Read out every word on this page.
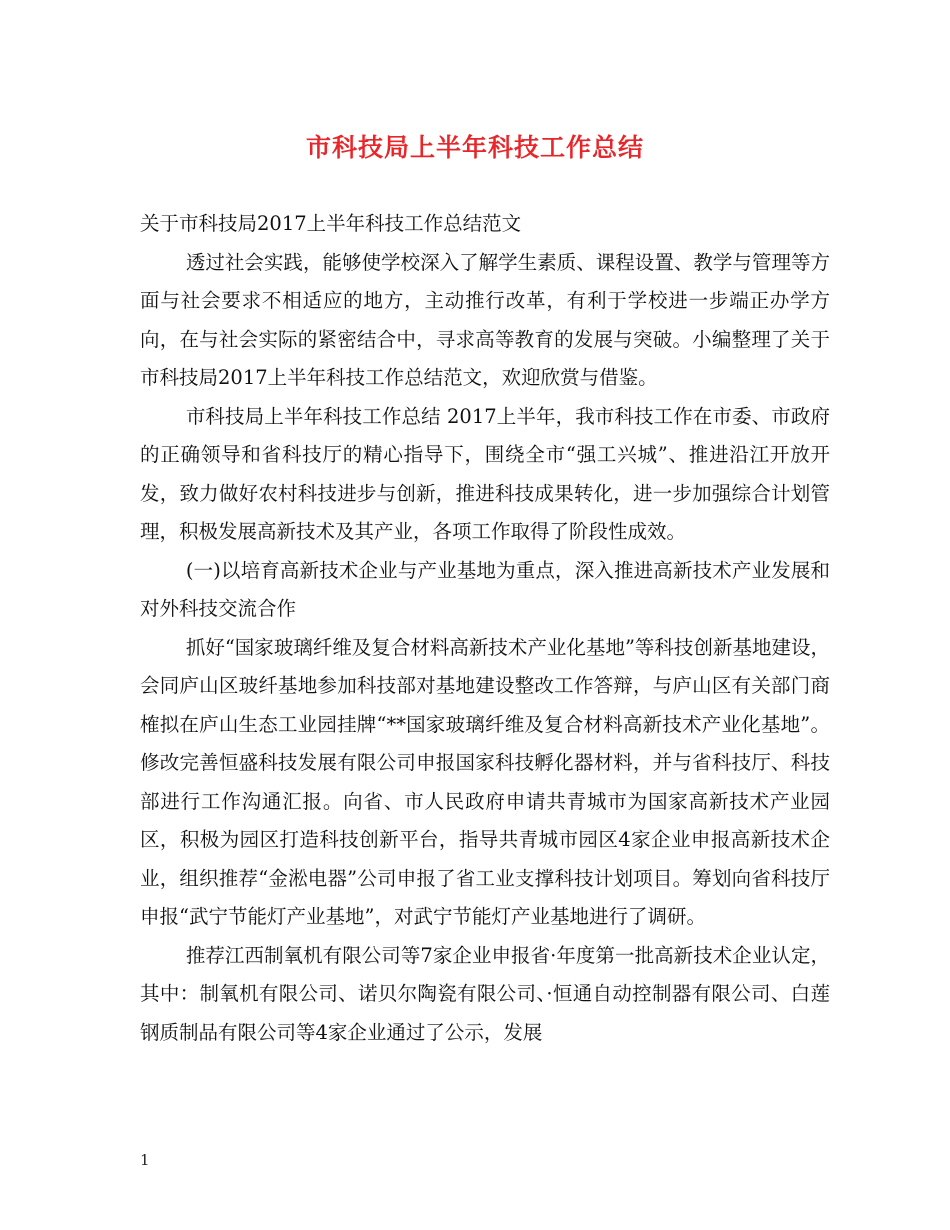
市科技局上半年科技工作总结

关于市科技局2017上半年科技工作总结范文

透过社会实践，能够使学校深入了解学生素质、课程设置、教学与管理等方面与社会要求不相适应的地方，主动推行改革，有利于学校进一步端正办学方向，在与社会实际的紧密结合中，寻求高等教育的发展与突破。小编整理了关于市科技局2017上半年科技工作总结范文，欢迎欣赏与借鉴。

市科技局上半年科技工作总结 2017上半年，我市科技工作在市委、市政府的正确领导和省科技厅的精心指导下，围绕全市“强工兴城”、推进沿江开放开发，致力做好农村科技进步与创新，推进科技成果转化，进一步加强综合计划管理，积极发展高新技术及其产业，各项工作取得了阶段性成效。

(一)以培育高新技术企业与产业基地为重点，深入推进高新技术产业发展和对外科技交流合作

抓好“国家玻璃纤维及复合材料高新技术产业化基地”等科技创新基地建设，会同庐山区玻纤基地参加科技部对基地建设整改工作答辩，与庐山区有关部门商榷拟在庐山生态工业园挂牌“**国家玻璃纤维及复合材料高新技术产业化基地”。修改完善恒盛科技发展有限公司申报国家科技孵化器材料，并与省科技厅、科技部进行工作沟通汇报。向省、市人民政府申请共青城市为国家高新技术产业园区，积极为园区打造科技创新平台，指导共青城市园区4家企业申报高新技术企业，组织推荐“金淞电器”公司申报了省工业支撑科技计划项目。筹划向省科技厅申报“武宁节能灯产业基地”，对武宁节能灯产业基地进行了调研。

推荐江西制氧机有限公司等7家企业申报省·年度第一批高新技术企业认定，其中：制氧机有限公司、诺贝尔陶瓷有限公司、·恒通自动控制器有限公司、白莲钢质制品有限公司等4家企业通过了公示，发展

1
